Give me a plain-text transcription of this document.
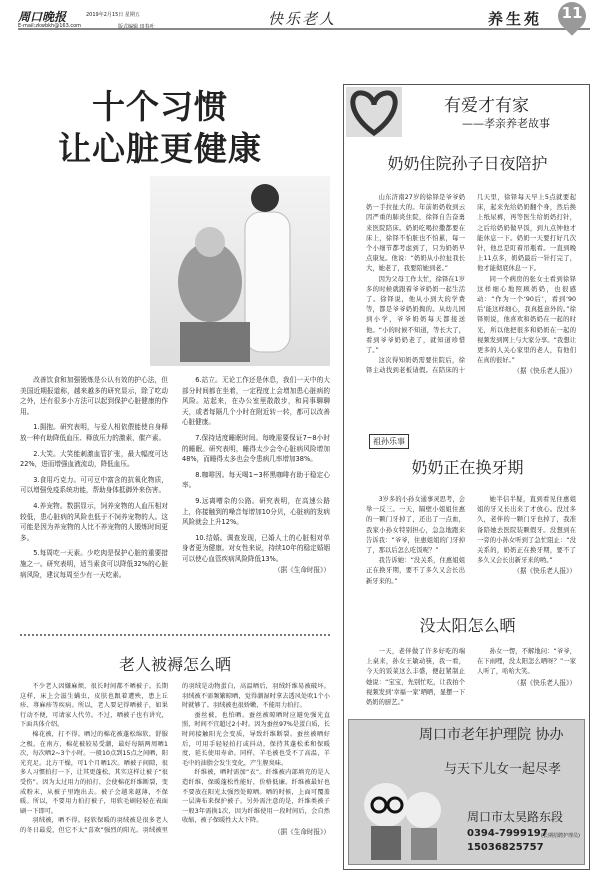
周口晚报	2019年2月15日 星期五
E-mail:zkwbkh@163.com	版式编辑 田春叶	快乐老人	养生苑 11
十个习惯
让心脏更健康

改善饮食和加强锻炼是公认有效的护心法，但美国近期报道称，越来越多的研究显示，除了吃动之外，还有很多小方法可以起到保护心脏健康的作用。

1.拥抱。研究表明，与爱人相依偎能使自身释放一种有助降低血压、释放压力的激素，催产素。

2.大笑。大笑能刺激血管扩张，最大幅度可达22%，进而增强血液流动，降低血压。

3.食用巧克力。可可豆中富含的抗氧化物质，可以增强免疫系统功能，帮助身体抵御外来伤害。

4.养宠物。数据显示，饲养宠物的人血压相对较低，患心脏病的风险也低于不饲养宠物的人。这可能是因为养宠物的人比不养宠物的人锻炼时间更多。

5.每周吃一天素。少吃肉是保护心脏的重要措施之一。研究表明，适当素食可以降低32%的心脏病风险，建议每周至少有一天吃素。

6.站立。无论工作还是休息，我们一天中的大部分时间都在坐着，一定程度上会增加患心脏病的风险。站起来，在办公室里散散步，和同事聊聊天，或者每隔几个小时在附近转一转，都可以改善心脏健康。

7.保持适度睡眠时间。每晚需要保证7~8小时的睡眠。研究表明，睡得太少会令心脏病风险增加48%，而睡得太多也会令患病几率增加38%。

8.咖啡因。每天喝1~3杯黑咖啡有助于稳定心率。

9.远离嘈杂的公路。研究表明，在高速公路上，你接触到的噪音每增加10分贝，心脏病的发病风险就会上升12%。

10.结婚。调查发现，已婚人士的心脏相对单身者更为健康。对女性来说，持续10年的稳定婚姻可以使心血管疾病风险降低13%。

（据《生命时报》）
老人被褥怎么晒

不少老人因嫌麻烦，很长时间都不晒被子。长期这样，床上会滋生螨虫，皮肤也跟着遭殃，患上丘疹、荨麻疹等疾病。所以，老人要记得晒被子，如果行动不便，可请家人代劳。不过，晒被子也有讲究，下面具体介绍。

棉花被，打不得。晒过的棉花被蓬松绵软，舒服之极。在南方，棉花被较易受潮，最好每隔两周晒1次，每次晒2~3个小时。一般10点到15点之间晒，阳光充足。北方干燥，可1个月晒1次。晒被子间隙，很多人习惯拍打一下，让其更蓬松，其实这样让被子“很受伤”。因为太过用力的拍打，会使棉花纤维断裂，变成粉末，从被子里跑出去。被子会越来越薄，不保暖。所以，不要用力拍打被子，用软毛刷轻轻在表面刷一下即可。

羽绒被，晒不得。轻软保暖的羽绒被是很多老人的冬日最爱，但它不太“喜欢”强烈的阳光。羽绒被里的羽绒是动物蛋白，高温晒后，羽绒纤维易被破坏。羽绒被不需频繁晾晒，觉得潮湿时拿去透风处吹1个小时就够了。羽绒被也很娇嫩，不能用力拍打。

蚕丝被，也怕晒。蚕丝被晾晒时应避免强光直照，时间不宜超过2小时。因为蚕丝97%是蛋白质，长时间接触阳光会变质，导致纤维断裂。蚕丝被晒好后，可用手轻轻拍打或抖动，保持其蓬松柔和保暖度，延长使用寿命。同样，羊毛被也受不了高温，羊毛中的油脂会发生变化，产生腥臭味。

纤维被，晒时需加“衣”。纤维被内部填充的是人造纤维，保暖蓬松性能好，价格低廉。纤维被最好也不要放在阳光太强烈处晾晒。晒的时候，上面可覆盖一层薄布来保护被子。另外需注意的是，纤维类被子一般3年需换1次，因为纤维使用一段时间后，会自然收缩，被子保暖性大大下降。

（据《生命时报》）
有爱才有家
——孝亲养老故事
奶奶住院孙子日夜陪护

山东济南27岁的徐铎是爷爷奶奶一手拉扯大的。年前奶奶收到云因严重的肺炎住院，徐铎自告奋勇来医院陪床。奶奶吃喝拉撒都要在床上，徐铎不怕脏也不怕累，每一个小细节都考虑到了，只为奶奶早点康复。他说：“奶奶从小拉扯我长大，她老了，我要陪她到老。”

因为父母工作太忙，徐铎在1岁多的时候就跟着爷爷奶奶一起生活了。徐铎说，他从小到大的学费等，都是爷爷奶奶掏的。从幼儿园到小学，爷爷奶奶每天都接送他。“小的时候不知道，等长大了，看到爷爷奶奶老了，就知道珍惜了。”

这次得知奶奶需要住院后，徐铎主动找到老板请假。在陪床的十几天里，徐铎每天早上5点就要起床，起来先给奶奶翻个身，然后换上纸尿裤，再等医生给奶奶打针，之后给奶奶做早饭，到九点钟他才能休息一下。奶奶一天要打好几次针，他总是盯着吊瓶看。一直到晚上11点多，奶奶最后一针打完了，他才能彻底休息一下。

同一个病房的张女士看到徐铎这样细心地照顾奶奶，也很感动：“作为一个‘90后’，看到‘90后’能这样细心，我真挺意外的。”徐铎则说，他喜欢和奶奶在一起的时光，所以他把很多和奶奶在一起的视频发到网上与大家分享。“我想让更多的人关心家里的老人，有他们在真的很好。”

（据《快乐老人报》）
祖孙乐事
奶奶正在换牙期

3岁多的小孙女通事灵思考，会举一反三。一天，隔壁小姐姐住惠的一颗门牙掉了，还出了一点血，我家小孙女特别担心，急急地跑来告诉我：“爷爷，住惠姐姐的门牙掉了，那以后怎么吃饭呢？”

我告诉她：“没关系，住惠姐姐正在换牙期，要不了多久又会长出新牙来的。”

她半信半疑，直到看见住惠姐姐的牙又长出来了才放心。没过多久，老伴的一颗门牙也掉了，我准备陪她去医院装颗假牙。没想到在一旁的小孙女听到了急忙阻止：“没关系的，奶奶正在换牙期，要不了多久又会长出新牙来的哟。”

（据《快乐老人报》）
没太阳怎么晒

一天，老伴做了许多好吃的端上桌来，孙女王敏动筷，我一看，今天的饭菜这么丰盛，便赶紧制止她说：“宝宝，先别忙吃，让我拍个视频发到‘幸福一家’晒晒，显摆一下奶奶的厨艺。”

孙女一愣，不解地问：“爷爷，在下雨哩，没太阳怎么晒呀？”一家人听了，哈哈大笑。

（据《快乐老人报》）
周口市老年护理院 协办
与天下儿女一起尽孝
周口市太昊路东段
0394-7999197
15036825757
(长期招聘护理员)
